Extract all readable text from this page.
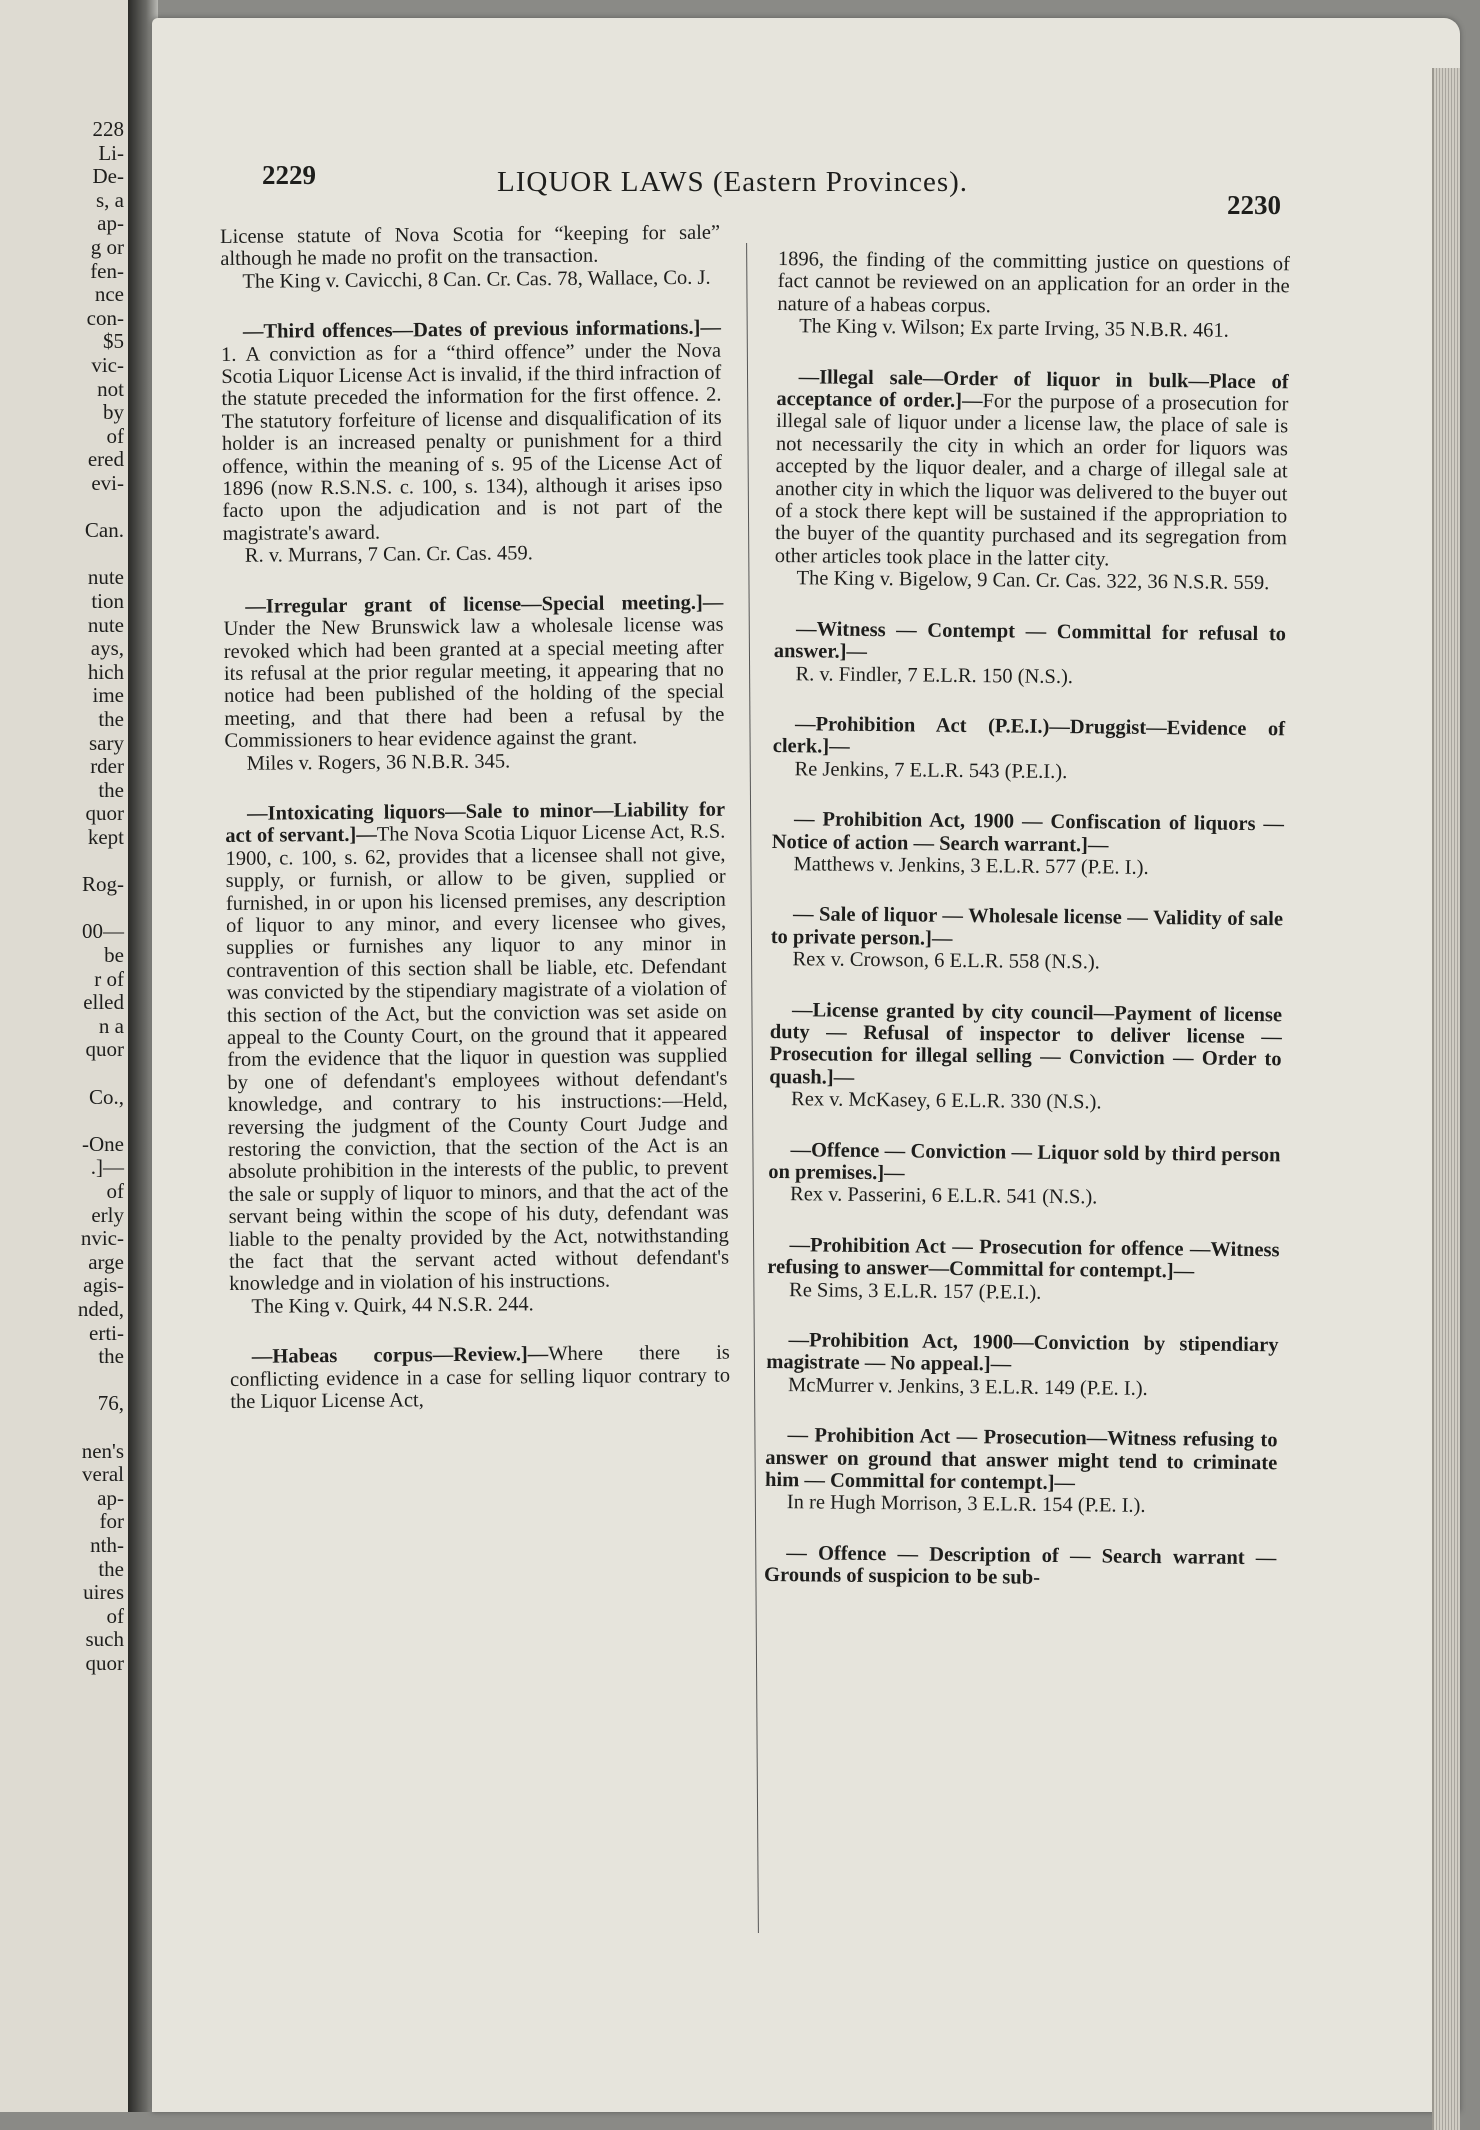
228
Li-
De-
s, a
ap-
g or
fen-
nce
con-
$5
vic-
not
by
of
ered
evi-
Can.
nute
tion
nute
ays,
hich
ime
the
sary
rder
the
quor
kept
Rog-
00—
be
r of
elled
n a
quor
Co.,
-One
.]—
of
erly
nvic-
arge
agis-
nded,
erti-
the
76,
nen's
veral
ap-
for
nth-
the
uires
of
such
quor
2229	LIQUOR LAWS (Eastern Provinces).
2230
License statute of Nova Scotia for “keeping for sale” although he made no profit on the transaction.
The King v. Cavicchi, 8 Can. Cr. Cas. 78, Wallace, Co. J.
—Third offences—Dates of previous informations.]—1. A conviction as for a “third offence” under the Nova Scotia Liquor License Act is invalid, if the third infraction of the statute preceded the information for the first offence. 2. The statutory forfeiture of license and disqualification of its holder is an increased penalty or punishment for a third offence, within the meaning of s. 95 of the License Act of 1896 (now R.S.N.S. c. 100, s. 134), although it arises ipso facto upon the adjudication and is not part of the magistrate's award.
R. v. Murrans, 7 Can. Cr. Cas. 459.
—Irregular grant of license—Special meeting.]—Under the New Brunswick law a wholesale license was revoked which had been granted at a special meeting after its refusal at the prior regular meeting, it appearing that no notice had been published of the holding of the special meeting, and that there had been a refusal by the Commissioners to hear evidence against the grant.
Miles v. Rogers, 36 N.B.R. 345.
—Intoxicating liquors—Sale to minor—Liability for act of servant.]—The Nova Scotia Liquor License Act, R.S. 1900, c. 100, s. 62, provides that a licensee shall not give, supply, or furnish, or allow to be given, supplied or furnished, in or upon his licensed premises, any description of liquor to any minor, and every licensee who gives, supplies or furnishes any liquor to any minor in contravention of this section shall be liable, etc. Defendant was convicted by the stipendiary magistrate of a violation of this section of the Act, but the conviction was set aside on appeal to the County Court, on the ground that it appeared from the evidence that the liquor in question was supplied by one of defendant's employees without defendant's knowledge, and contrary to his instructions:—Held, reversing the judgment of the County Court Judge and restoring the conviction, that the section of the Act is an absolute prohibition in the interests of the public, to prevent the sale or supply of liquor to minors, and that the act of the servant being within the scope of his duty, defendant was liable to the penalty provided by the Act, notwithstanding the fact that the servant acted without defendant's knowledge and in violation of his instructions.
The King v. Quirk, 44 N.S.R. 244.
—Habeas corpus—Review.]—Where there is conflicting evidence in a case for selling liquor contrary to the Liquor License Act,
1896, the finding of the committing justice on questions of fact cannot be reviewed on an application for an order in the nature of a habeas corpus.
The King v. Wilson; Ex parte Irving, 35 N.B.R. 461.
—Illegal sale—Order of liquor in bulk—Place of acceptance of order.]—For the purpose of a prosecution for illegal sale of liquor under a license law, the place of sale is not necessarily the city in which an order for liquors was accepted by the liquor dealer, and a charge of illegal sale at another city in which the liquor was delivered to the buyer out of a stock there kept will be sustained if the appropriation to the buyer of the quantity purchased and its segregation from other articles took place in the latter city.
The King v. Bigelow, 9 Can. Cr. Cas. 322, 36 N.S.R. 559.
—Witness — Contempt — Committal for refusal to answer.]—
R. v. Findler, 7 E.L.R. 150 (N.S.).
—Prohibition Act (P.E.I.)—Druggist—Evidence of clerk.]—
Re Jenkins, 7 E.L.R. 543 (P.E.I.).
— Prohibition Act, 1900 — Confiscation of liquors — Notice of action — Search warrant.]—
Matthews v. Jenkins, 3 E.L.R. 577 (P.E. I.).
— Sale of liquor — Wholesale license — Validity of sale to private person.]—
Rex v. Crowson, 6 E.L.R. 558 (N.S.).
—License granted by city council—Payment of license duty — Refusal of inspector to deliver license — Prosecution for illegal selling — Conviction — Order to quash.]—
Rex v. McKasey, 6 E.L.R. 330 (N.S.).
—Offence — Conviction — Liquor sold by third person on premises.]—
Rex v. Passerini, 6 E.L.R. 541 (N.S.).
—Prohibition Act — Prosecution for offence —Witness refusing to answer—Committal for contempt.]—
Re Sims, 3 E.L.R. 157 (P.E.I.).
—Prohibition Act, 1900—Conviction by stipendiary magistrate — No appeal.]—
McMurrer v. Jenkins, 3 E.L.R. 149 (P.E. I.).
— Prohibition Act — Prosecution—Witness refusing to answer on ground that answer might tend to criminate him — Committal for contempt.]—
In re Hugh Morrison, 3 E.L.R. 154 (P.E. I.).
— Offence — Description of — Search warrant — Grounds of suspicion to be sub-
